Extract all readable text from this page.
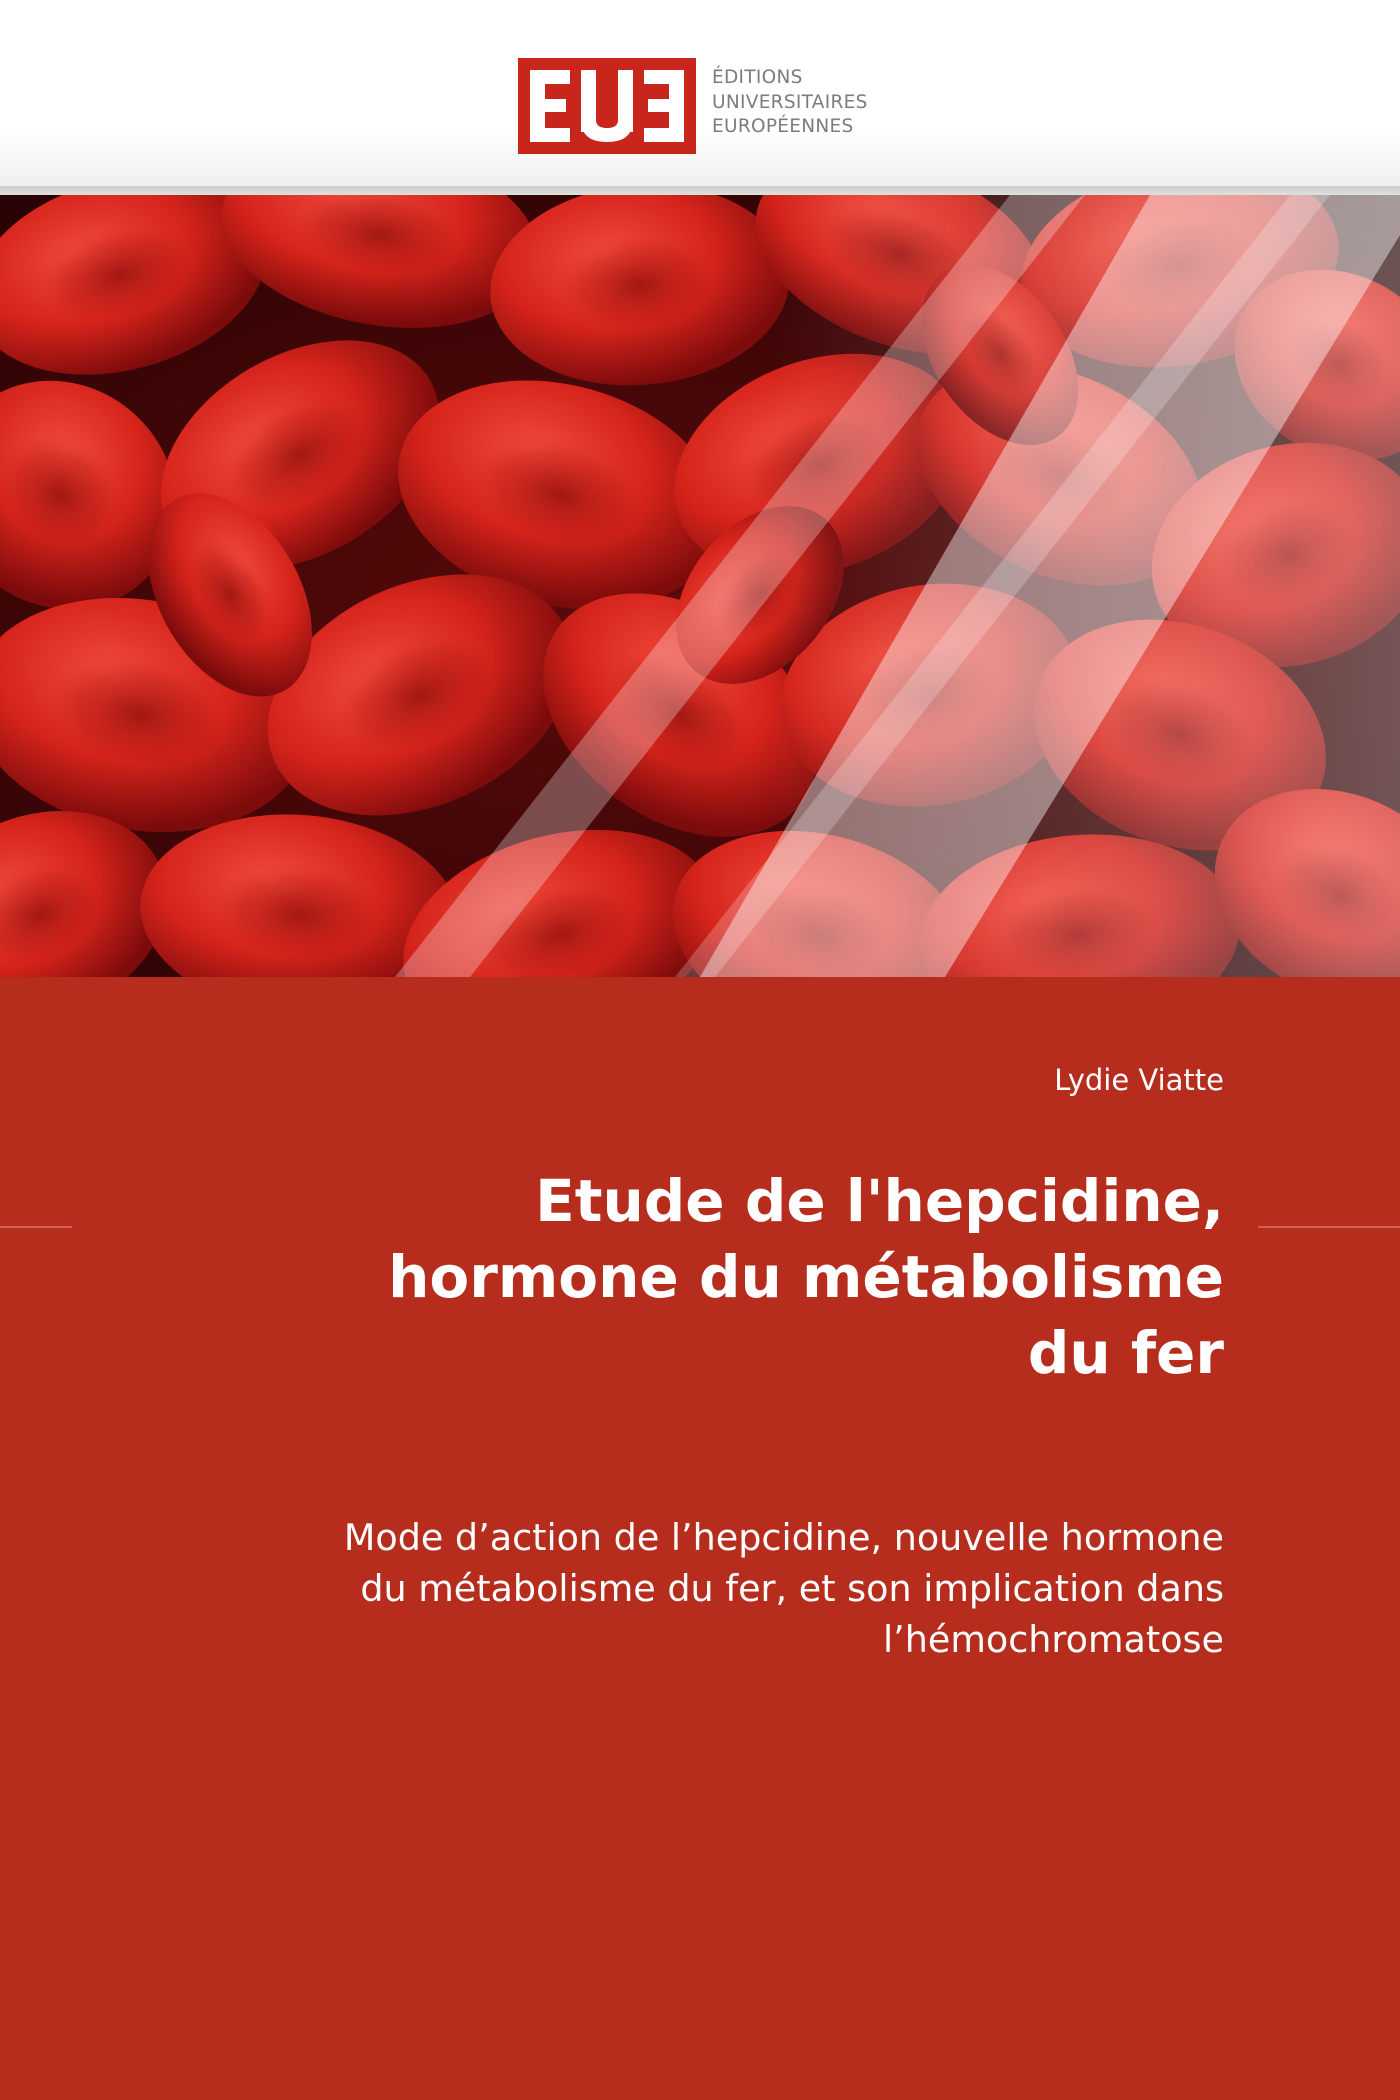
ÉDITIONS
UNIVERSITAIRES
EUROPÉENNES
Lydie Viatte
Etude de l'hepcidine,
hormone du métabolisme
du fer
Mode d’action de l’hepcidine, nouvelle hormone
du métabolisme du fer, et son implication dans
l’hémochromatose
